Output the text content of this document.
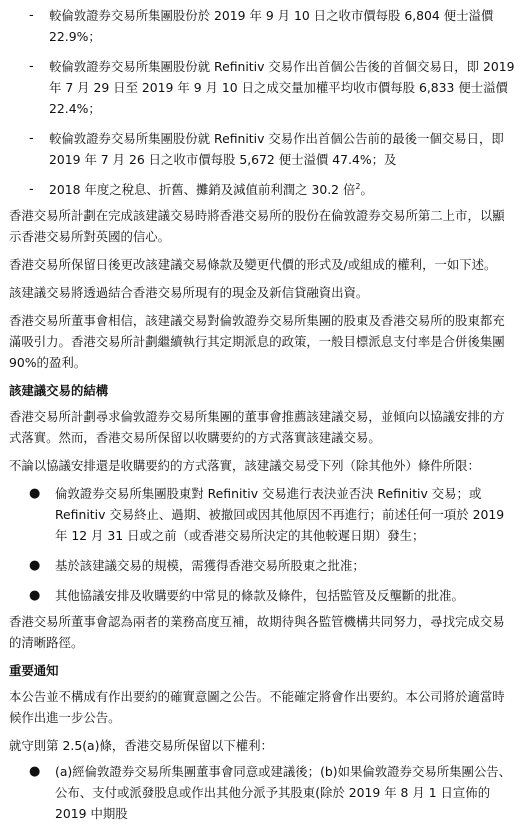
-	較倫敦證券交易所集團股份於 2019 年 9 月 10 日之收市價每股 6,804 便士溢價 22.9%；
-	較倫敦證券交易所集團股份就 Refinitiv 交易作出首個公告後的首個交易日，即 2019 年 7 月 29 日至 2019 年 9 月 10 日之成交量加權平均收市價每股 6,833 便士溢價 22.4%；
-	較倫敦證券交易所集團股份就 Refinitiv 交易作出首個公告前的最後一個交易日，即 2019 年 7 月 26 日之收市價每股 5,672 便士溢價 47.4%；及
-	2018 年度之稅息、折舊、攤銷及減值前利潤之 30.2 倍$^2$。

香港交易所計劃在完成該建議交易時將香港交易所的股份在倫敦證券交易所第二上市，以顯示香港交易所對英國的信心。

香港交易所保留日後更改該建議交易條款及變更代價的形式及/或組成的權利，一如下述。

該建議交易將透過結合香港交易所現有的現金及新信貸融資出資。

香港交易所董事會相信，該建議交易對倫敦證券交易所集團的股東及香港交易所的股東都充滿吸引力。香港交易所計劃繼續執行其定期派息的政策，一般目標派息支付率是合併後集團 90%的盈利。

該建議交易的結構

香港交易所計劃尋求倫敦證券交易所集團的董事會推薦該建議交易，並傾向以協議安排的方式落實。然而，香港交易所保留以收購要約的方式落實該建議交易。

不論以協議安排還是收購要約的方式落實，該建議交易受下列（除其他外）條件所限：

●	倫敦證券交易所集團股東對 Refinitiv 交易進行表決並否決 Refinitiv 交易；或 Refinitiv 交易終止、過期、被撤回或因其他原因不再進行；前述任何一項於 2019 年 12 月 31 日或之前（或香港交易所決定的其他較遲日期）發生；
●	基於該建議交易的規模，需獲得香港交易所股東之批准；
●	其他協議安排及收購要約中常見的條款及條件，包括監管及反壟斷的批准。

香港交易所董事會認為兩者的業務高度互補，故期待與各監管機構共同努力，尋找完成交易的清晰路徑。

重要通知

本公告並不構成有作出要約的確實意圖之公告。不能確定將會作出要約。本公司將於適當時候作出進一步公告。

就守則第 2.5(a)條，香港交易所保留以下權利：

●	(a)經倫敦證券交易所集團董事會同意或建議後；(b)如果倫敦證券交易所集團公告、公布、支付或派發股息或作出其他分派予其股東(除於 2019 年 8 月 1 日宣佈的 2019 中期股
